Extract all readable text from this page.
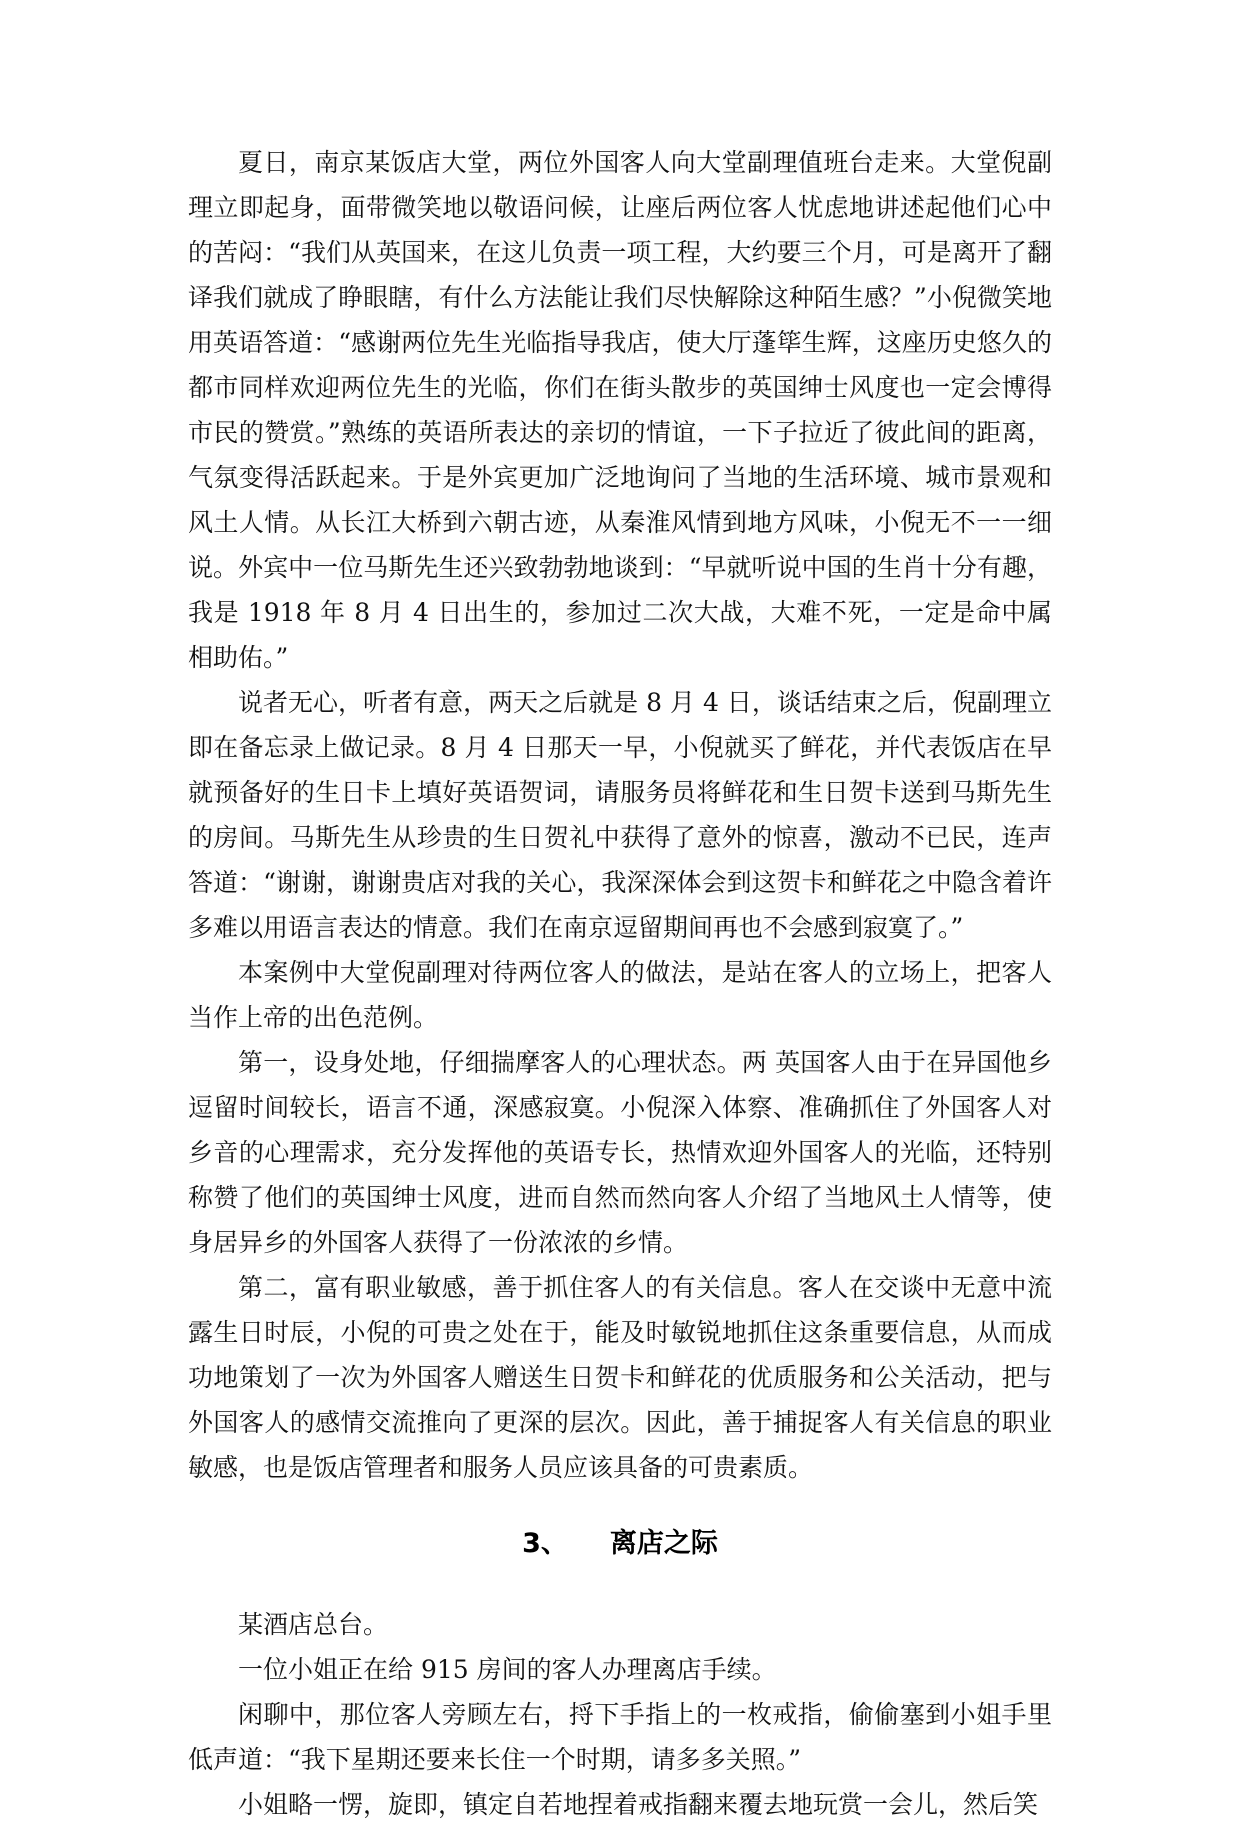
夏日，南京某饭店大堂，两位外国客人向大堂副理值班台走来。大堂倪副理立即起身，面带微笑地以敬语问候，让座后两位客人忧虑地讲述起他们心中的苦闷：“我们从英国来，在这儿负责一项工程，大约要三个月，可是离开了翻译我们就成了睁眼瞎，有什么方法能让我们尽快解除这种陌生感？”小倪微笑地用英语答道：“感谢两位先生光临指导我店，使大厅蓬筚生辉，这座历史悠久的都市同样欢迎两位先生的光临，你们在街头散步的英国绅士风度也一定会博得市民的赞赏。”熟练的英语所表达的亲切的情谊，一下子拉近了彼此间的距离，气氛变得活跃起来。于是外宾更加广泛地询问了当地的生活环境、城市景观和风土人情。从长江大桥到六朝古迹，从秦淮风情到地方风味，小倪无不一一细说。外宾中一位马斯先生还兴致勃勃地谈到：“早就听说中国的生肖十分有趣，我是 1918 年 8 月 4 日出生的，参加过二次大战，大难不死，一定是命中属相助佑。”

说者无心，听者有意，两天之后就是 8 月 4 日，谈话结束之后，倪副理立即在备忘录上做记录。8 月 4 日那天一早，小倪就买了鲜花，并代表饭店在早就预备好的生日卡上填好英语贺词，请服务员将鲜花和生日贺卡送到马斯先生的房间。马斯先生从珍贵的生日贺礼中获得了意外的惊喜，激动不已民，连声答道：“谢谢，谢谢贵店对我的关心，我深深体会到这贺卡和鲜花之中隐含着许多难以用语言表达的情意。我们在南京逗留期间再也不会感到寂寞了。”

本案例中大堂倪副理对待两位客人的做法，是站在客人的立场上，把客人当作上帝的出色范例。

第一，设身处地，仔细揣摩客人的心理状态。两 英国客人由于在异国他乡逗留时间较长，语言不通，深感寂寞。小倪深入体察、准确抓住了外国客人对乡音的心理需求，充分发挥他的英语专长，热情欢迎外国客人的光临，还特别称赞了他们的英国绅士风度，进而自然而然向客人介绍了当地风土人情等，使身居异乡的外国客人获得了一份浓浓的乡情。

第二，富有职业敏感，善于抓住客人的有关信息。客人在交谈中无意中流露生日时辰，小倪的可贵之处在于，能及时敏锐地抓住这条重要信息，从而成功地策划了一次为外国客人赠送生日贺卡和鲜花的优质服务和公关活动，把与外国客人的感情交流推向了更深的层次。因此，善于捕捉客人有关信息的职业敏感，也是饭店管理者和服务人员应该具备的可贵素质。

3、 离店之际

某酒店总台。

一位小姐正在给 915 房间的客人办理离店手续。

闲聊中，那位客人旁顾左右，捋下手指上的一枚戒指，偷偷塞到小姐手里低声道：“我下星期还要来长住一个时期，请多多关照。”

小姐略一愣，旋即，镇定自若地捏着戒指翻来覆去地玩赏一会儿，然后笑
